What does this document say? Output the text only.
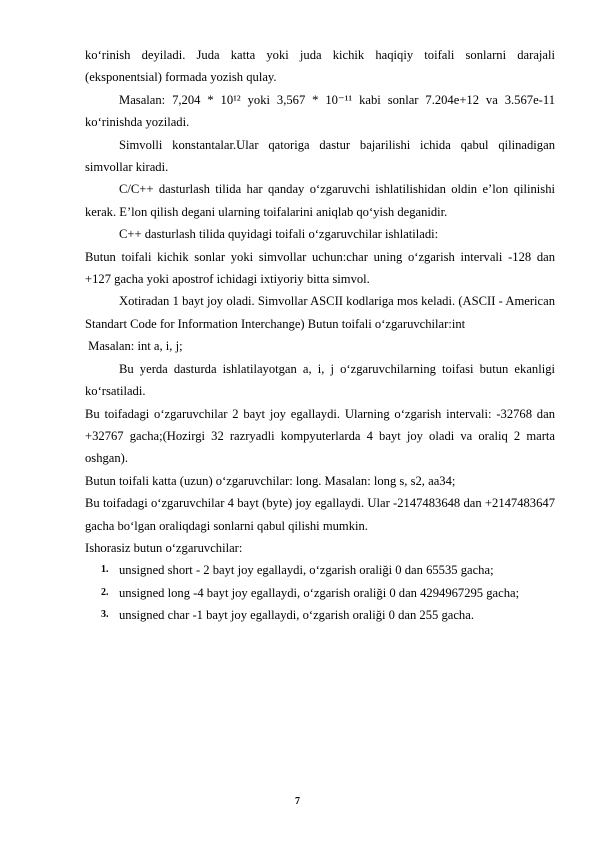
ko‘rinish deyiladi. Juda katta yoki juda kichik haqiqiy toifali sonlarni darajali (eksponentsial) formada yozish qulay.

Masalan: 7,204 * 10¹² yoki 3,567 * 10⁻¹¹ kabi sonlar 7.204e+12 va 3.567e-11 ko‘rinishda yoziladi.

Simvolli konstantalar.Ular qatoriga dastur bajarilishi ichida qabul qilinadigan simvollar kiradi.

C/C++ dasturlash tilida har qanday o‘zgaruvchi ishlatilishidan oldin e’lon qilinishi kerak. E’lon qilish degani ularning toifalarini aniqlab qo‘yish deganidir.

C++ dasturlash tilida quyidagi toifali o‘zgaruvchilar ishlatiladi:

Butun toifali kichik sonlar yoki simvollar uchun:char uning o‘zgarish intervali -128 dan +127 gacha yoki apostrof ichidagi ixtiyoriy bitta simvol.

Xotiradan 1 bayt joy oladi. Simvollar ASCII kodlariga mos keladi. (ASCII - American Standart Code for Information Interchange) Butun toifali o‘zgaruvchilar:int

Masalan: int a, i, j;

Bu yerda dasturda ishlatilayotgan a, i, j o‘zgaruvchilarning toifasi butun ekanligi ko‘rsatiladi.

Bu toifadagi o‘zgaruvchilar 2 bayt joy egallaydi. Ularning o‘zgarish intervali: -32768 dan +32767 gacha;(Hozirgi 32 razryadli kompyuterlarda 4 bayt joy oladi va oraliq 2 marta oshgan).

Butun toifali katta (uzun) o‘zgaruvchilar: long. Masalan: long s, s2, aa34;

Bu toifadagi o‘zgaruvchilar 4 bayt (byte) joy egallaydi. Ular -2147483648 dan +2147483647 gacha bo‘lgan oraliqdagi sonlarni qabul qilishi mumkin.

Ishorasiz butun o‘zgaruvchilar:

1. unsigned short - 2 bayt joy egallaydi, o‘zgarish oraliği 0 dan 65535 gacha;
2. unsigned long -4 bayt joy egallaydi, o‘zgarish oraliği 0 dan 4294967295 gacha;
3. unsigned char -1 bayt joy egallaydi, o‘zgarish oraliği 0 dan 255 gacha.
7
